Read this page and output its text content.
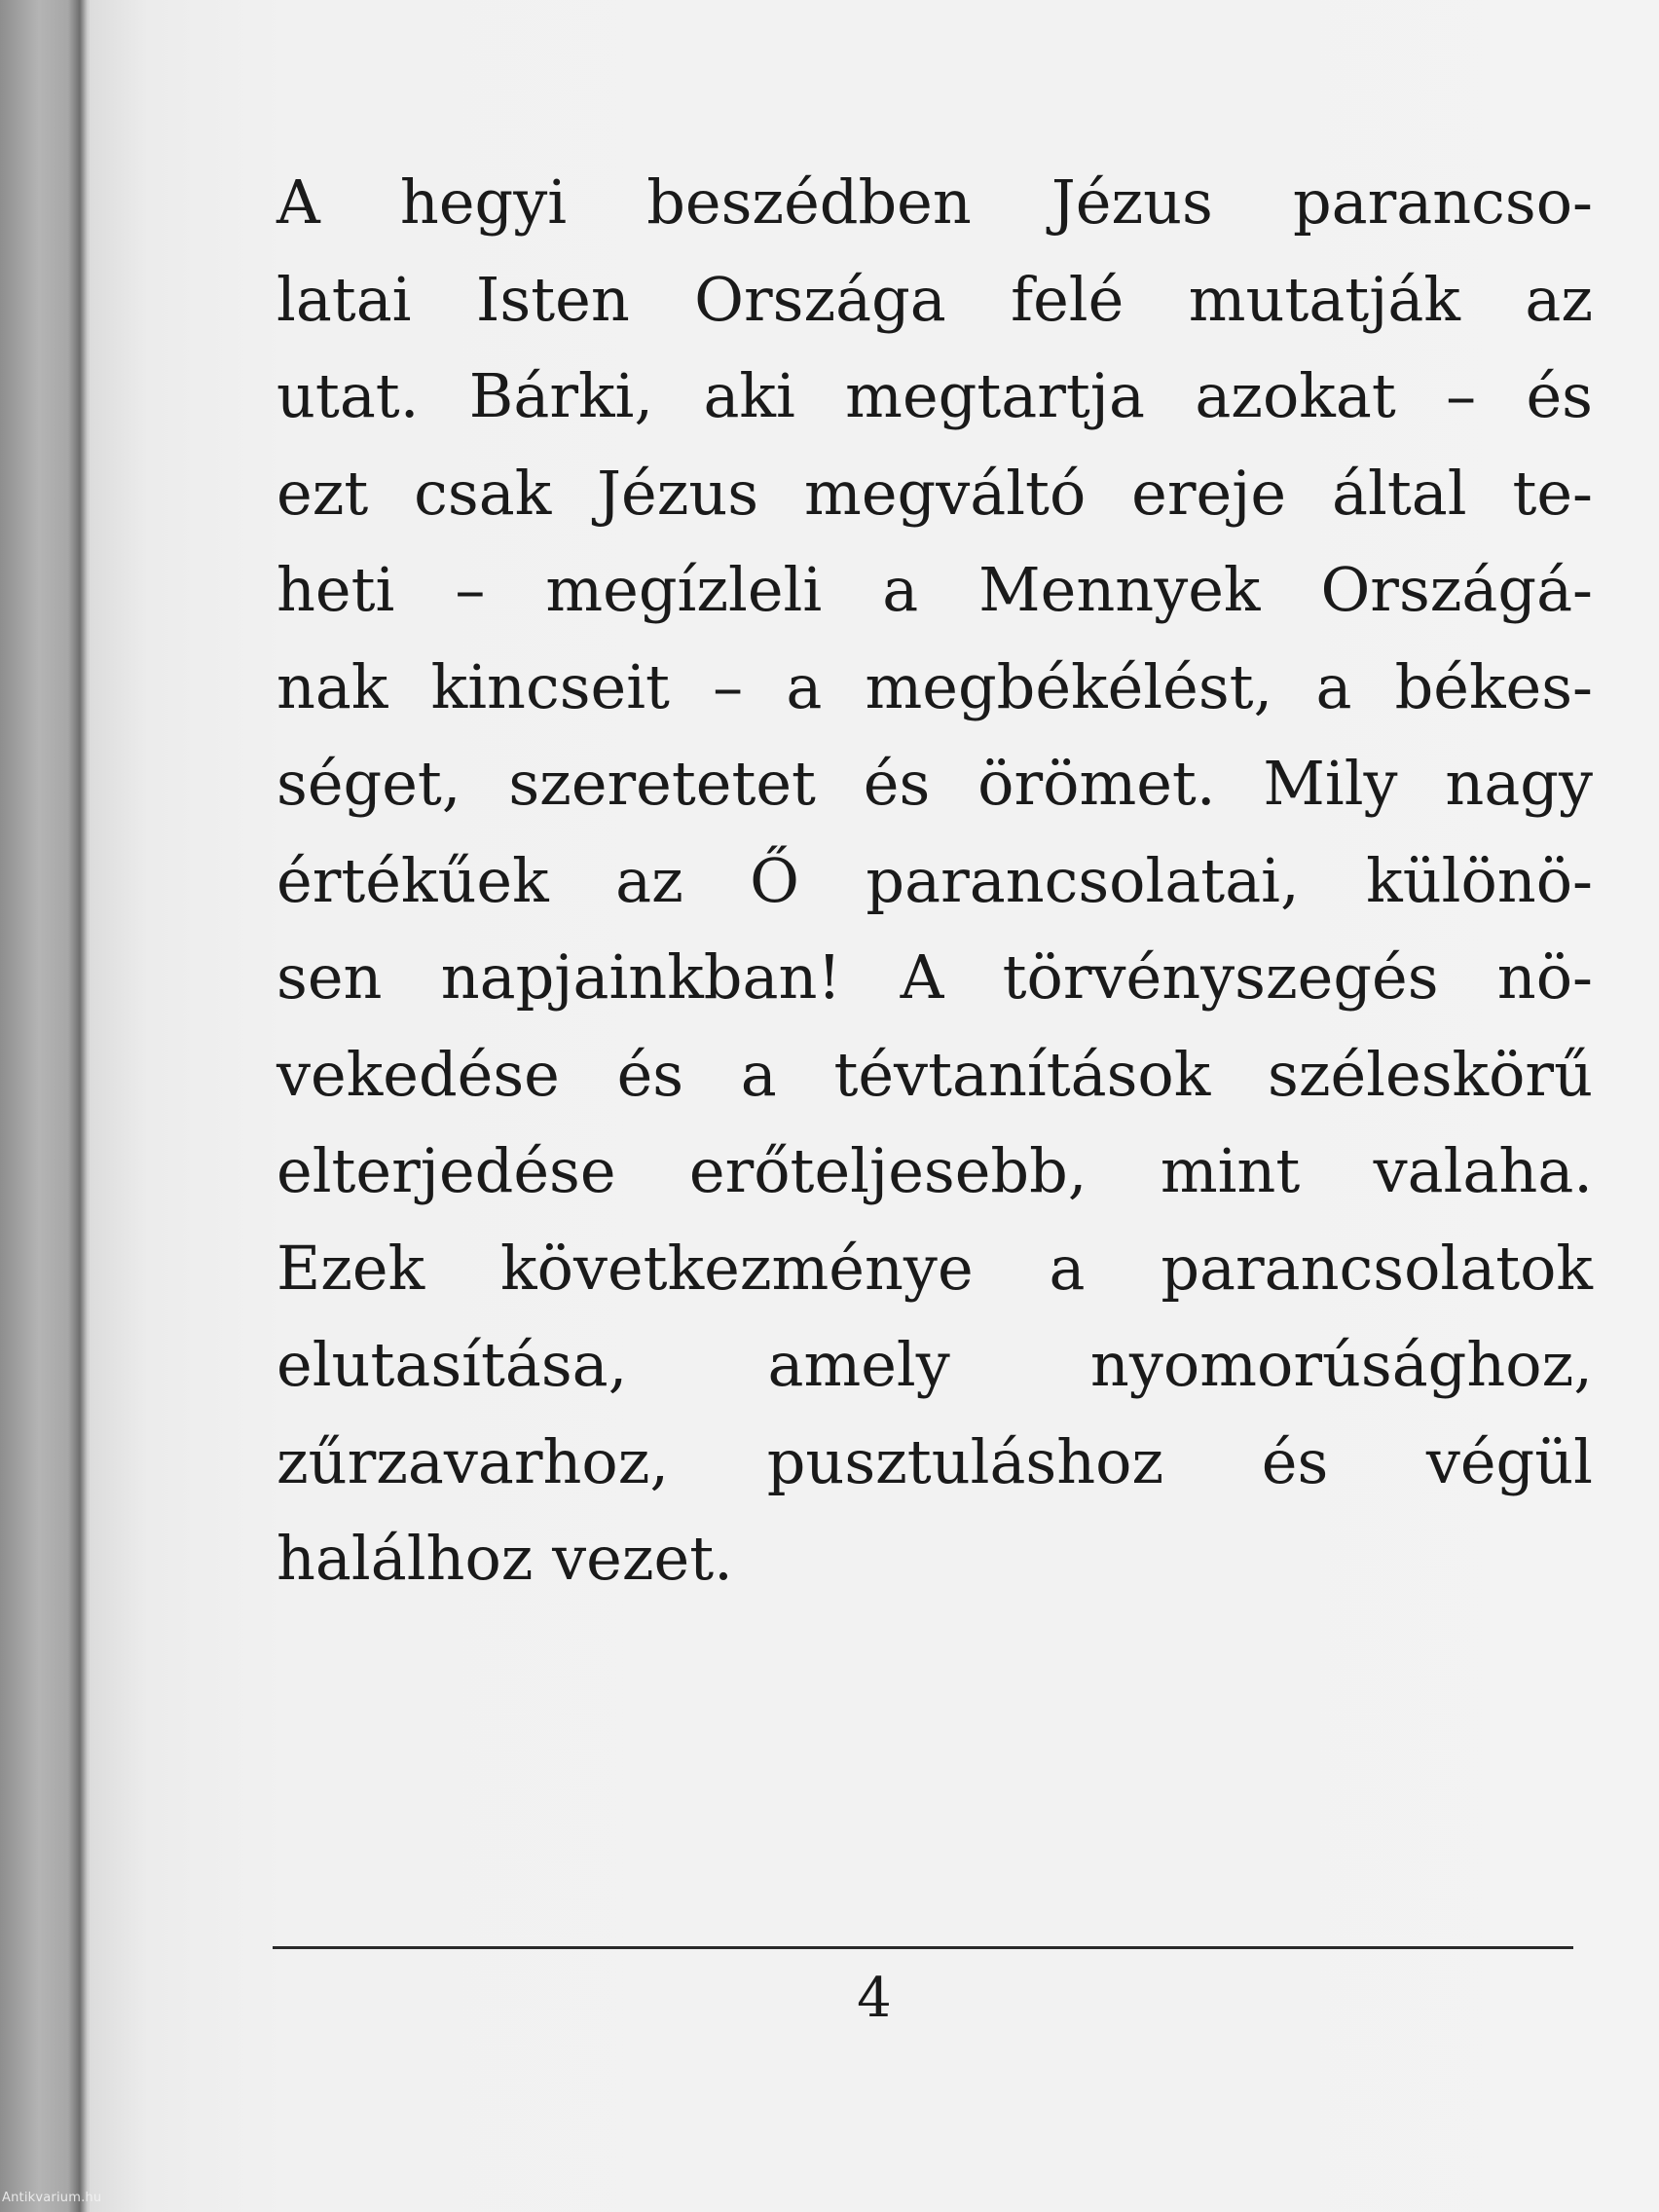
A hegyi beszédben Jézus parancso-
latai Isten Országa felé mutatják az
utat. Bárki, aki megtartja azokat – és
ezt csak Jézus megváltó ereje által te-
heti – megízleli a Mennyek Országá-
nak kincseit – a megbékélést, a békes-
séget, szeretetet és örömet. Mily nagy
értékűek az Ő parancsolatai, különö-
sen napjainkban! A törvényszegés nö-
vekedése és a tévtanítások széleskörű
elterjedése erőteljesebb, mint valaha.
Ezek következménye a parancsolatok
elutasítása, amely nyomorúsághoz,
zűrzavarhoz, pusztuláshoz és végül
halálhoz vezet.
4
Antikvarium.hu
